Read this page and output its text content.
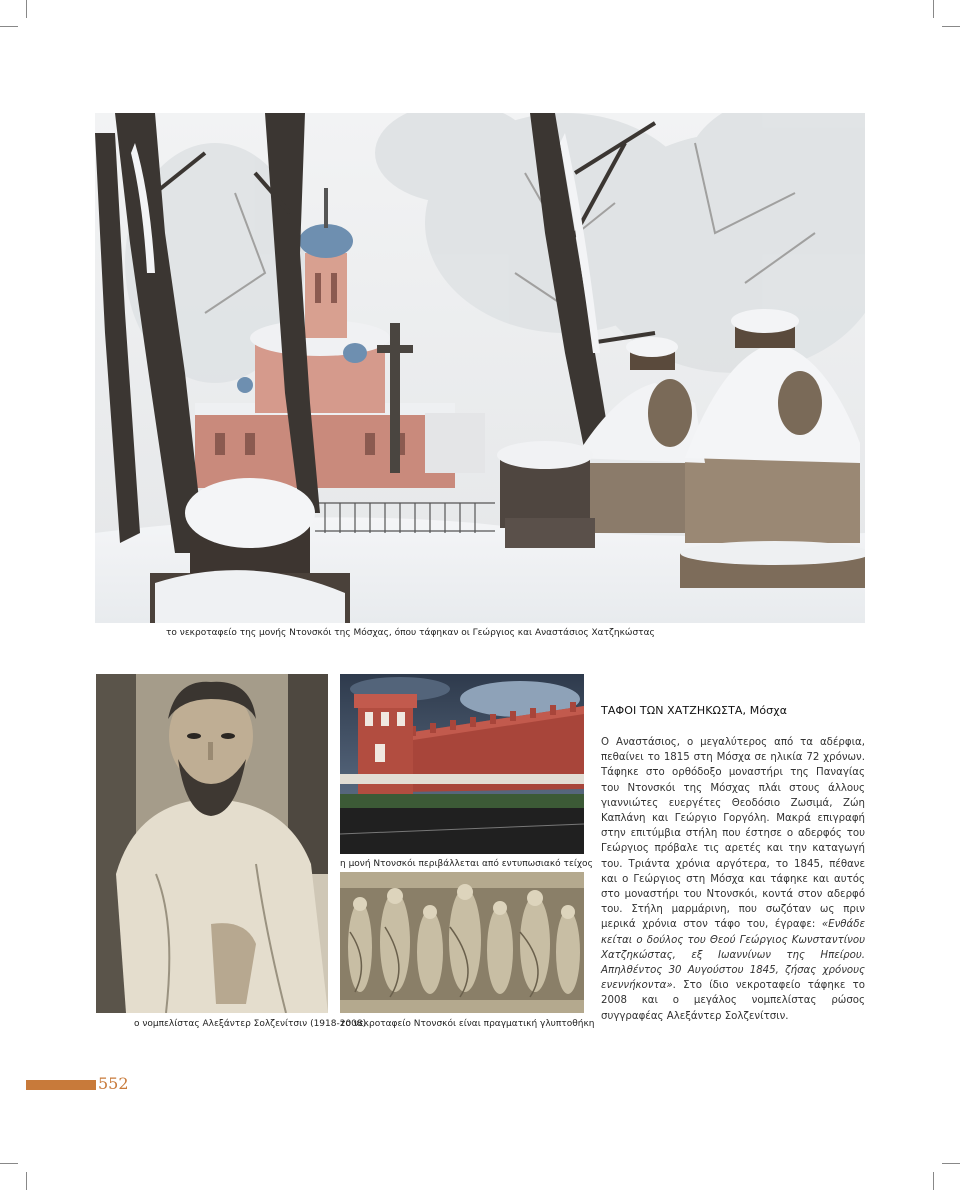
το νεκροταφείο της μονής Ντονσκόι της Μόσχας, όπου τάφηκαν οι Γεώργιος και Αναστάσιος Χατζηκώστας
ο νομπελίστας Αλεξάντερ Σολζενίτσιν (1918-2008)
η μονή Ντονσκόι περιβάλλεται από εντυπωσιακό τείχος
το νεκροταφείο Ντονσκόι είναι πραγματική γλυπτοθήκη
ΤΑΦΟΙ ΤΩΝ ΧΑΤΖΗΚΩΣΤΑ, Μόσχα

Ο Αναστάσιος, ο μεγαλύτερος από τα αδέρφια, πεθαίνει το 1815 στη Μόσχα σε ηλικία 72 χρόνων. Τάφηκε στο ορθόδοξο μοναστήρι της Παναγίας του Ντονσκόι της Μόσχας πλάι στους άλλους γιαννιώτες ευεργέτες Θεοδόσιο Ζωσιμά, Ζώη Καπλάνη και Γεώργιο Γοργόλη. Μακρά επιγραφή στην επιτύμβια στήλη που έστησε ο αδερφός του Γεώργιος πρόβαλε τις αρετές και την καταγωγή του. Τριάντα χρόνια αργότερα, το 1845, πέθανε και ο Γεώργιος στη Μόσχα και τάφηκε και αυτός στο μοναστήρι του Ντονσκόι, κοντά στον αδερφό του. Στήλη μαρμάρινη, που σωζόταν ως πριν μερικά χρόνια στον τάφο του, έγραφε: «Ενθάδε κείται ο δούλος του Θεού Γεώργιος Κωνσταντίνου Χατζηκώστας, εξ Ιωαννίνων της Ηπείρου. Απηλθέντος 30 Αυγούστου 1845, ζήσας χρόνους ενεννήκοντα». Στο ίδιο νεκροταφείο τάφηκε το 2008 και ο μεγάλος νομπελίστας ρώσος συγγραφέας Αλεξάντερ Σολζενίτσιν.

552
